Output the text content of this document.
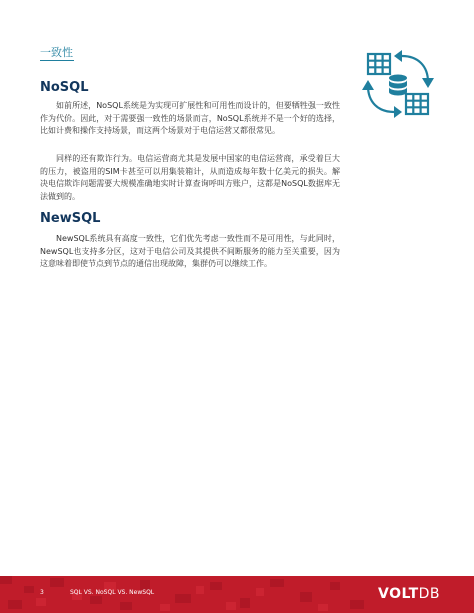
一致性
NoSQL

如前所述，NoSQL系统是为实现可扩展性和可用性而设计的，但要牺牲强一致性作为代价。因此，对于需要强一致性的场景而言，NoSQL系统并不是一个好的选择，比如计费和操作支持场景，而这两个场景对于电信运营又都很常见。

同样的还有欺诈行为。电信运营商尤其是发展中国家的电信运营商，承受着巨大的压力，被盗用的SIM卡甚至可以用集装箱计，从而造成每年数十亿美元的损失。解决电信欺诈问题需要大规模准确地实时计算查询呼叫方账户，这都是NoSQL数据库无法做到的。

NewSQL

NewSQL系统具有高度一致性，它们优先考虑一致性而不是可用性，与此同时，NewSQL也支持多分区，这对于电信公司及其提供不间断服务的能力至关重要，因为这意味着即使节点到节点的通信出现故障，集群仍可以继续工作。

3	SQL VS. NoSQL VS. NewSQL	VOLTDB
